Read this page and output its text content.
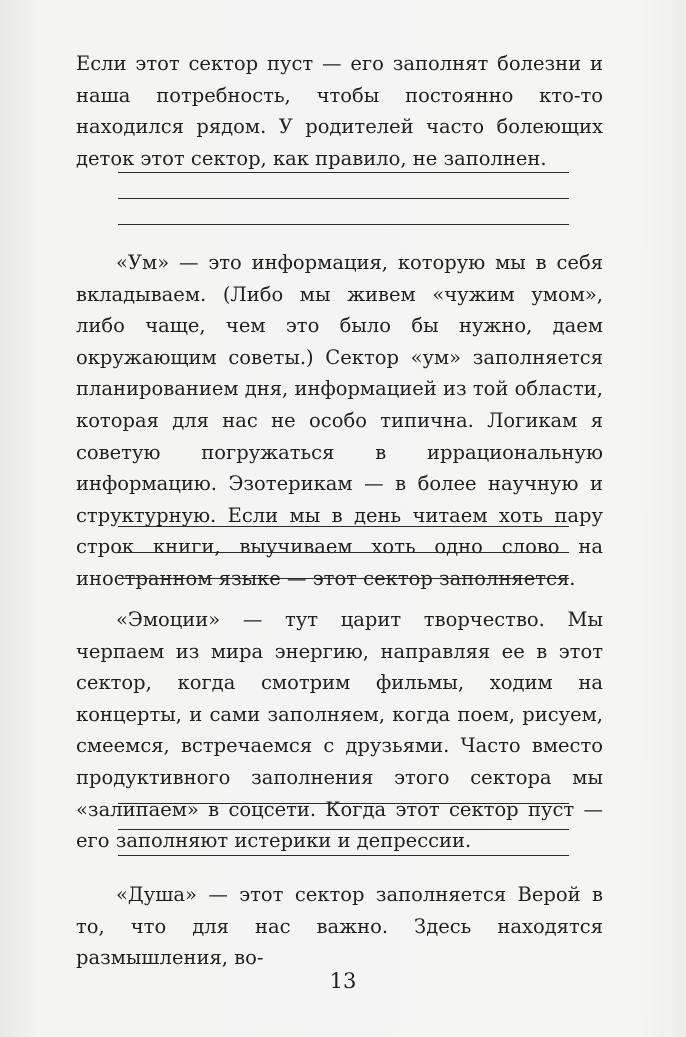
Если этот сектор пуст — его заполнят болезни и наша потребность, чтобы постоянно кто-то находился рядом. У родителей часто болеющих деток этот сектор, как правило, не заполнен.

«Ум» — это информация, которую мы в себя вкладываем. (Либо мы живем «чужим умом», либо чаще, чем это было бы нужно, даем окружающим советы.) Сектор «ум» заполняется планированием дня, информацией из той области, которая для нас не особо типична. Логикам я советую погружаться в иррациональную информацию. Эзотерикам — в более научную и структурную. Если мы в день читаем хоть пару строк книги, выучиваем хоть одно слово на иностранном языке — этот сектор заполняется.

«Эмоции» — тут царит творчество. Мы черпаем из мира энергию, направляя ее в этот сектор, когда смотрим фильмы, ходим на концерты, и сами заполняем, когда поем, рисуем, смеемся, встречаемся с друзьями. Часто вместо продуктивного заполнения этого сектора мы «залипаем» в соцсети. Когда этот сектор пуст — его заполняют истерики и депрессии.

«Душа» — этот сектор заполняется Верой в то, что для нас важно. Здесь находятся размышления, во-

13
